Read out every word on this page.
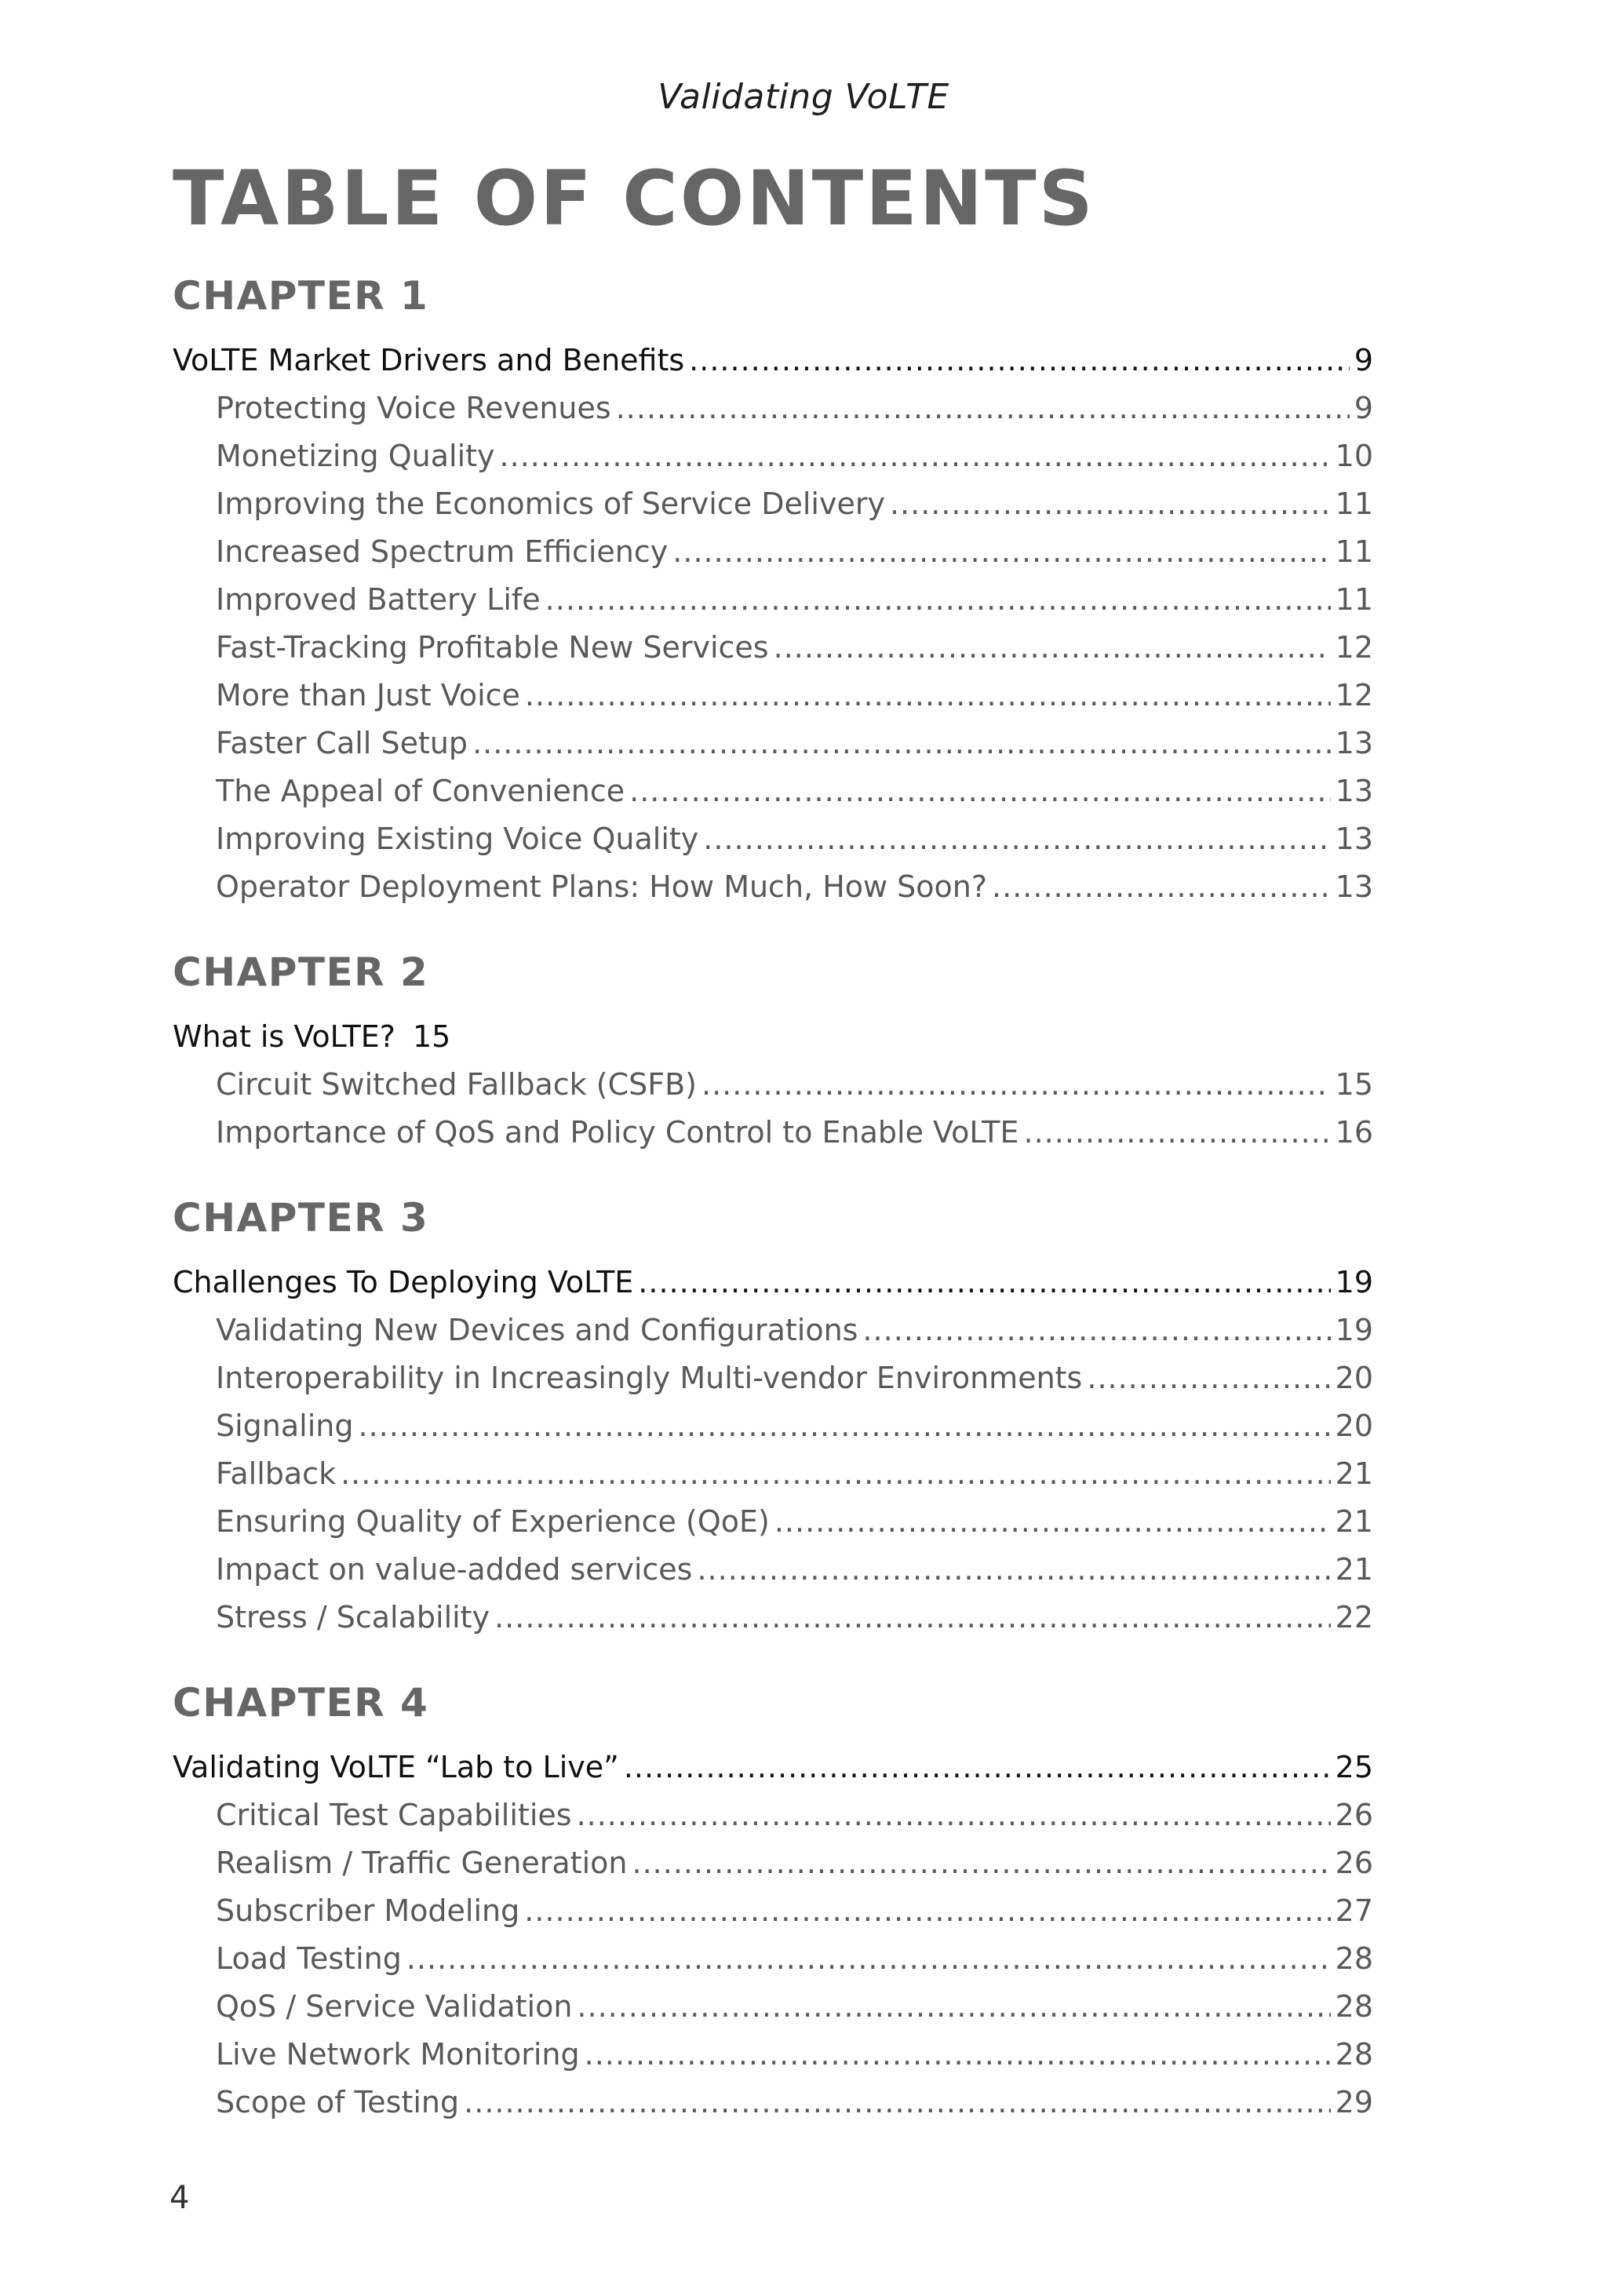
Validating VoLTE
TABLE OF CONTENTS
CHAPTER 1
VoLTE Market Drivers and Benefits .....	9
Protecting Voice Revenues .....	9
Monetizing Quality .....	10
Improving the Economics of Service Delivery .....	11
Increased Spectrum Efficiency .....	11
Improved Battery Life .....	11
Fast-Tracking Profitable New Services .....	12
More than Just Voice .....	12
Faster Call Setup .....	13
The Appeal of Convenience .....	13
Improving Existing Voice Quality .....	13
Operator Deployment Plans: How Much, How Soon? .....	13
CHAPTER 2
What is VoLTE? 15
Circuit Switched Fallback (CSFB) .....	15
Importance of QoS and Policy Control to Enable VoLTE .....	16
CHAPTER 3
Challenges To Deploying VoLTE .....	19
Validating New Devices and Configurations .....	19
Interoperability in Increasingly Multi-vendor Environments .....	20
Signaling .....	20
Fallback .....	21
Ensuring Quality of Experience (QoE) .....	21
Impact on value-added services .....	21
Stress / Scalability .....	22
CHAPTER 4
Validating VoLTE “Lab to Live” .....	25
Critical Test Capabilities .....	26
Realism / Traffic Generation .....	26
Subscriber Modeling .....	27
Load Testing .....	28
QoS / Service Validation .....	28
Live Network Monitoring .....	28
Scope of Testing .....	29
4
